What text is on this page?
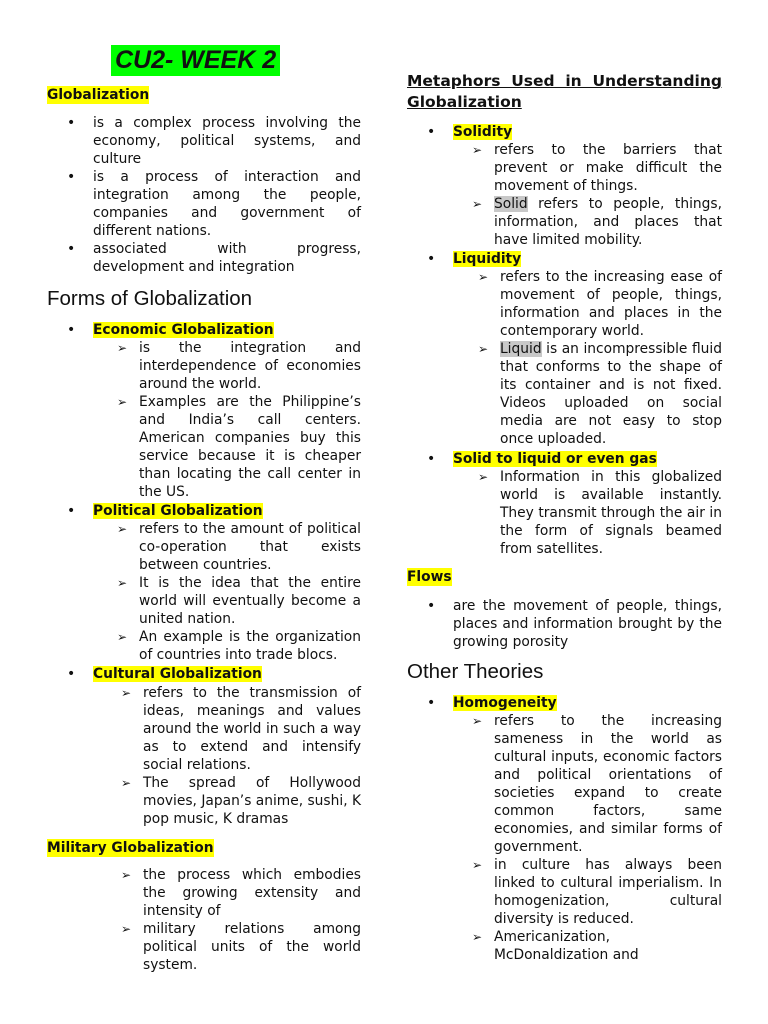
CU2- WEEK 2
Globalization
• is a complex process involving the economy, political systems, and culture
• is a process of interaction and integration among the people, companies and government of different nations.
• associated with progress, development and integration
Forms of Globalization
• Economic Globalization
➢ is the integration and interdependence of economies around the world.
➢ Examples are the Philippine’s and India’s call centers. American companies buy this service because it is cheaper than locating the call center in the US.
• Political Globalization
➢ refers to the amount of political co-operation that exists between countries.
➢ It is the idea that the entire world will eventually become a united nation.
➢ An example is the organization of countries into trade blocs.
• Cultural Globalization
➢ refers to the transmission of ideas, meanings and values around the world in such a way as to extend and intensify social relations.
➢ The spread of Hollywood movies, Japan’s anime, sushi, K pop music, K dramas
Military Globalization
➢ the process which embodies the growing extensity and intensity of
➢ military relations among political units of the world system.
Metaphors Used in Understanding Globalization
• Solidity
➢ refers to the barriers that prevent or make difficult the movement of things.
➢ Solid refers to people, things, information, and places that have limited mobility.
• Liquidity
➢ refers to the increasing ease of movement of people, things, information and places in the contemporary world.
➢ Liquid is an incompressible fluid that conforms to the shape of its container and is not fixed. Videos uploaded on social media are not easy to stop once uploaded.
• Solid to liquid or even gas
➢ Information in this globalized world is available instantly. They transmit through the air in the form of signals beamed from satellites.
Flows
• are the movement of people, things, places and information brought by the growing porosity
Other Theories
• Homogeneity
➢ refers to the increasing sameness in the world as cultural inputs, economic factors and political orientations of societies expand to create common factors, same economies, and similar forms of government.
➢ in culture has always been linked to cultural imperialism. In homogenization, cultural diversity is reduced.
➢ Americanization, McDonaldization and
